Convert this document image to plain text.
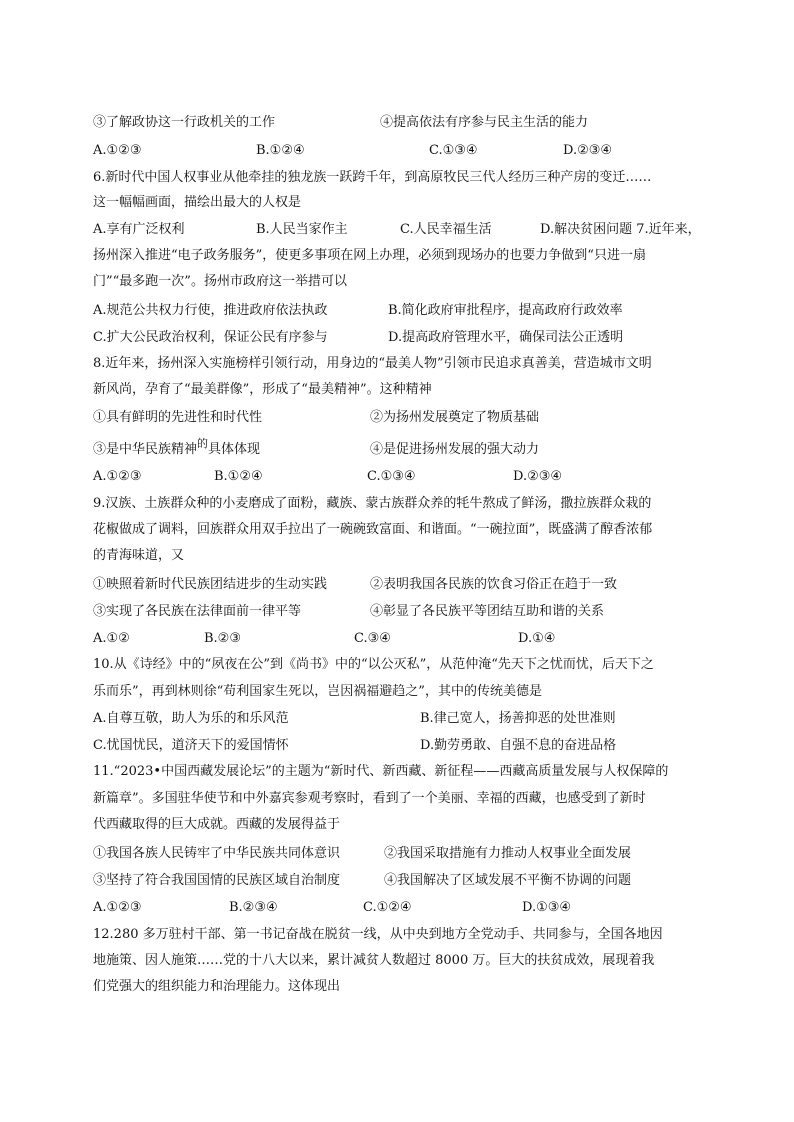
③了解政协这一行政机关的工作	④提高依法有序参与民主生活的能力
A.①②③	B.①②④	C.①③④	D.②③④
6.新时代中国人权事业从他牵挂的独龙族一跃跨千年，到高原牧民三代人经历三种产房的变迁……
这一幅幅画面，描绘出最大的人权是
A.享有广泛权利	B.人民当家作主	C.人民幸福生活	D.解决贫困问题 7.近年来，
扬州深入推进“电子政务服务”，使更多事项在网上办理，必须到现场办的也要力争做到“只进一扇
门”“最多跑一次”。扬州市政府这一举措可以
A.规范公共权力行使，推进政府依法执政	B.简化政府审批程序，提高政府行政效率
C.扩大公民政治权利，保证公民有序参与	D.提高政府管理水平，确保司法公正透明
8.近年来，扬州深入实施榜样引领行动，用身边的“最美人物”引领市民追求真善美，营造城市文明
新风尚，孕育了“最美群像”，形成了“最美精神”。这种精神
①具有鲜明的先进性和时代性	②为扬州发展奠定了物质基础
③是中华民族精神$^的$具体体现	④是促进扬州发展的强大动力
A.①②③	B.①②④	C.①③④	D.②③④
9.汉族、土族群众种的小麦磨成了面粉，藏族、蒙古族群众养的牦牛熬成了鲜汤，撒拉族群众栽的
花椒做成了调料，回族群众用双手拉出了一碗碗致富面、和谐面。“一碗拉面”，既盛满了醇香浓郁
的青海味道，又
①映照着新时代民族团结进步的生动实践	②表明我国各民族的饮食习俗正在趋于一致
③实现了各民族在法律面前一律平等	④彰显了各民族平等团结互助和谐的关系
A.①②	B.②③	C.③④	D.①④
10.从《诗经》中的“夙夜在公”到《尚书》中的“以公灭私”，从范仲淹“先天下之忧而忧，后天下之
乐而乐”，再到林则徐“苟利国家生死以，岂因祸福避趋之”，其中的传统美德是
A.自尊互敬，助人为乐的和乐风范	B.律己宽人，扬善抑恶的处世准则
C.忧国忧民，道济天下的爱国情怀	D.勤劳勇敢、自强不息的奋进品格
11.“2023•中国西藏发展论坛”的主题为“新时代、新西藏、新征程——西藏高质量发展与人权保障的
新篇章”。多国驻华使节和中外嘉宾参观考察时，看到了一个美丽、幸福的西藏，也感受到了新时
代西藏取得的巨大成就。西藏的发展得益于
①我国各族人民铸牢了中华民族共同体意识	②我国采取措施有力推动人权事业全面发展
③坚持了符合我国国情的民族区域自治制度	④我国解决了区域发展不平衡不协调的问题
A.①②③	B.②③④	C.①②④	D.①③④
12.280 多万驻村干部、第一书记奋战在脱贫一线，从中央到地方全党动手、共同参与，全国各地因
地施策、因人施策……党的十八大以来，累计减贫人数超过 8000 万。巨大的扶贫成效，展现着我
们党强大的组织能力和治理能力。这体现出
